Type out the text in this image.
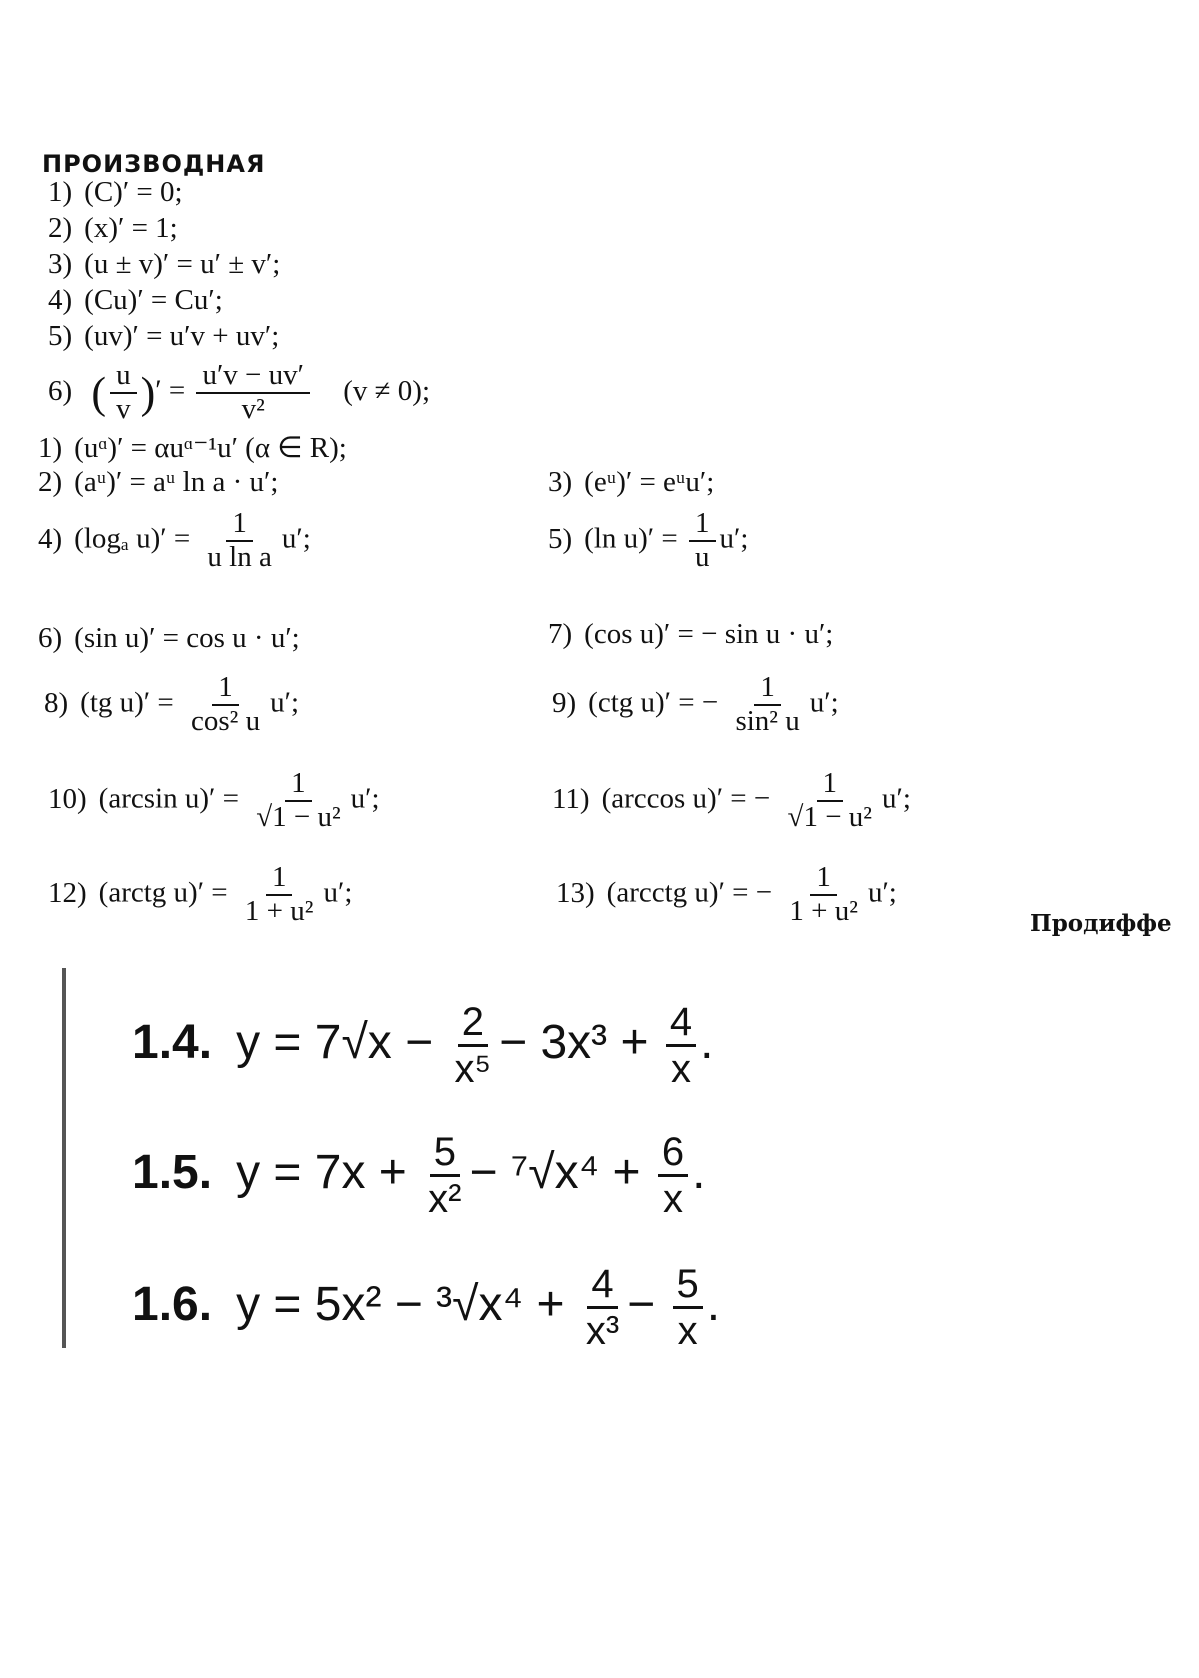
ПРОИЗВОДНАЯ
1) (C)′ = 0;
2) (x)′ = 1;
3) (u ± v)′ = u′ ± v′;
4) (Cu)′ = Cu′;
5) (uv)′ = u′v + uv′;
6) ( $\frac{u}{v}$ )′ = $\frac{u'v - uv'}{\text{v²}} (v \ne 0)$;
1) (uᵅ)′ = αuᵅ⁻¹u′ (α ∈ R);
2) (aᵘ)′ = aᵘ ln a · u′;	3) (eᵘ)′ = eᵘu′;
4) (logₐ $u)' = \frac{1}{\text{u ln a}} u'$;	5) (ln $u)' = \frac{1}{u} u'$;
6) (sin u)′ = cos u · u′;	7) (cos u)′ = − sin u · u′;
8) (tg $u)' = \frac{1}{\text{cos² u}} u'$;	9) (ctg u)′ = − $\frac{1}{\text{sin² u}} u'$;
10) (arcsin $u)' = \frac{1}{\text{√1 − u²}} u'$;	11) (arccos u)′ = − $\frac{1}{\text{√1 − u²}} u'$;
12) (arctg $u)' = \frac{1}{\text{1 + u²}} u'$;	13) (arcctg u)′ = − $\frac{1}{\text{1 + u²}} u'$;
Продиффе
1.4. $y = 7√x - \frac{2}{\text{x⁵}} - 3x^3 + \frac{4}{x}$ .
1.5. $y = 7x + \frac{5}{\text{x²}} - ^7√x^4 + \frac{6}{x}$ .
1.6. $y = 5x^2 - ^3√x^4 + \frac{4}{\text{x³}} - \frac{5}{x}$ .
